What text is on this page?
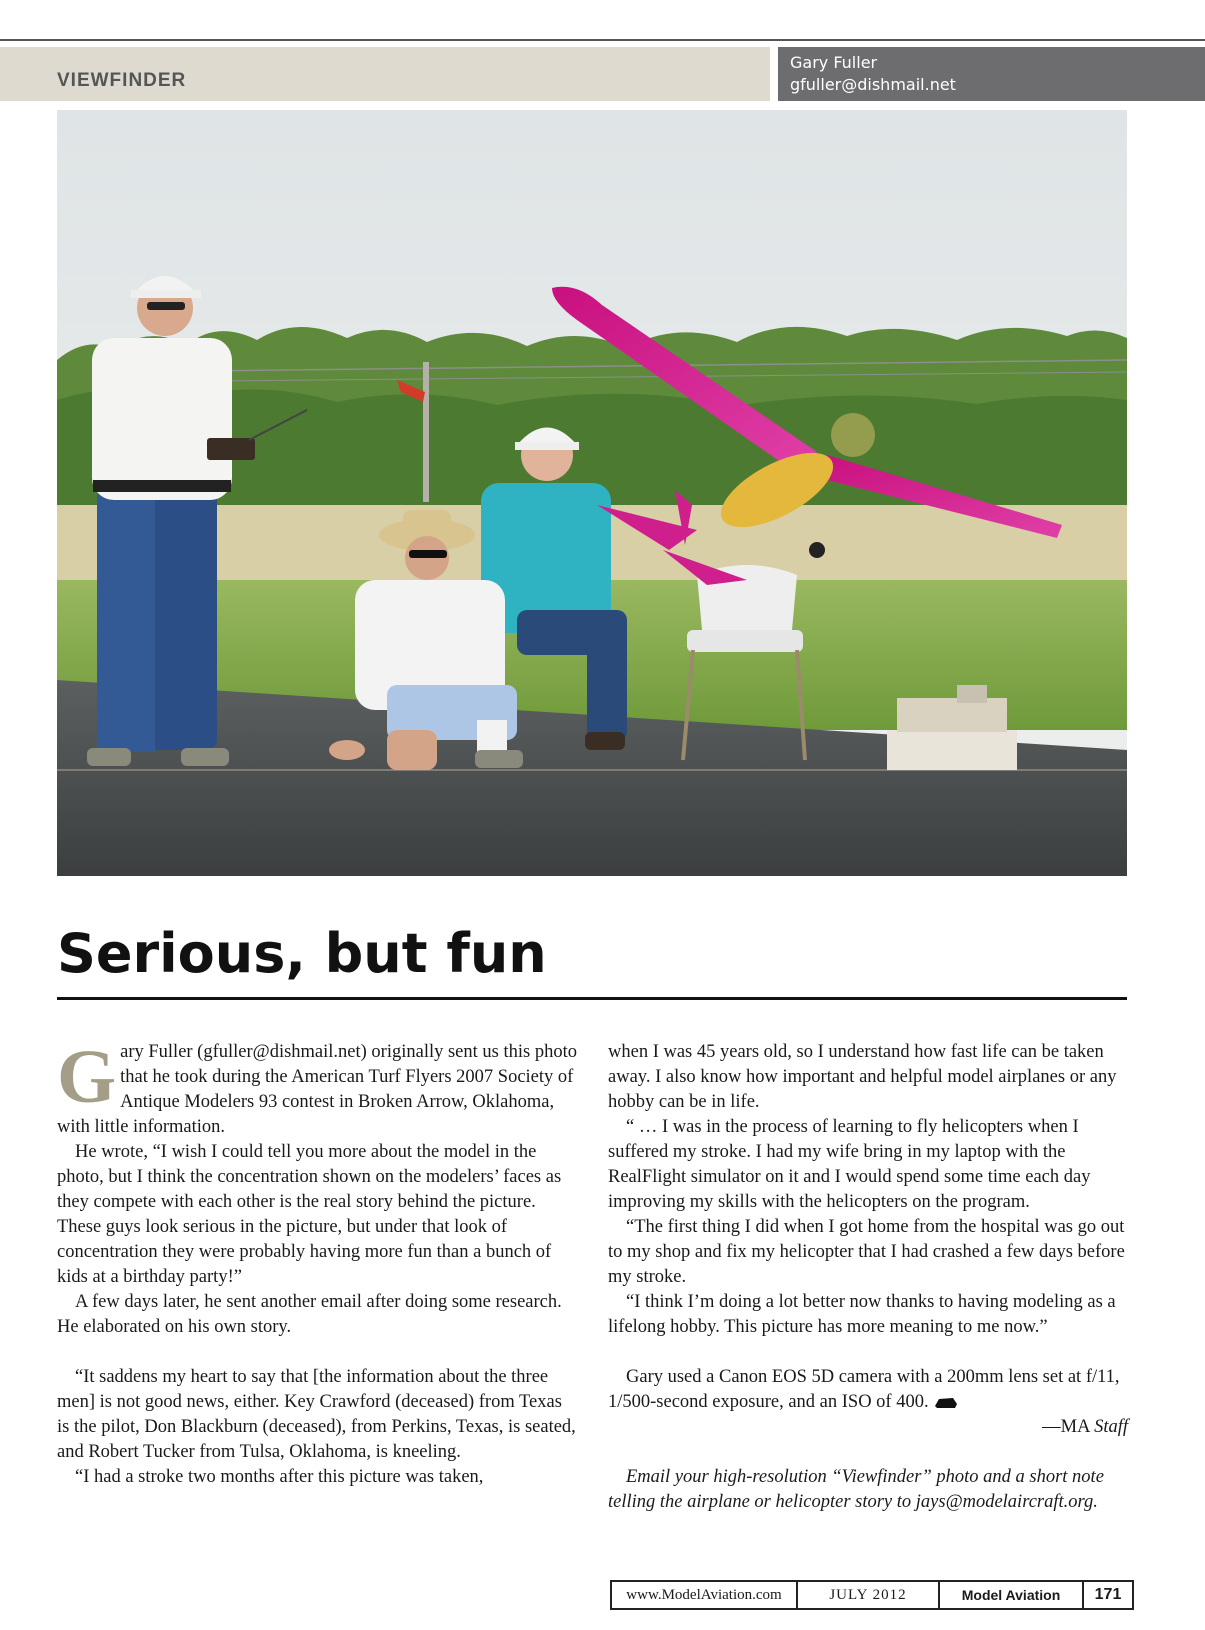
VIEWFINDER
Gary Fuller
gfuller@dishmail.net
Serious, but fun

Gary Fuller (gfuller@dishmail.net) originally sent us this photo that he took during the American Turf Flyers 2007 Society of Antique Modelers 93 contest in Broken Arrow, Oklahoma, with little information.

He wrote, “I wish I could tell you more about the model in the photo, but I think the concentration shown on the modelers’ faces as they compete with each other is the real story behind the picture. These guys look serious in the picture, but under that look of concentration they were probably having more fun than a bunch of kids at a birthday party!”

A few days later, he sent another email after doing some research. He elaborated on his own story.

“It saddens my heart to say that [the information about the three men] is not good news, either. Key Crawford (deceased) from Texas is the pilot, Don Blackburn (deceased), from Perkins, Texas, is seated, and Robert Tucker from Tulsa, Oklahoma, is kneeling.

“I had a stroke two months after this picture was taken,

when I was 45 years old, so I understand how fast life can be taken away. I also know how important and helpful model airplanes or any hobby can be in life.

“ … I was in the process of learning to fly helicopters when I suffered my stroke. I had my wife bring in my laptop with the RealFlight simulator on it and I would spend some time each day improving my skills with the helicopters on the program.

“The first thing I did when I got home from the hospital was go out to my shop and fix my helicopter that I had crashed a few days before my stroke.

“I think I’m doing a lot better now thanks to having modeling as a lifelong hobby. This picture has more meaning to me now.”

Gary used a Canon EOS 5D camera with a 200mm lens set at f/11, 1/500-second exposure, and an ISO of 400.

—MA Staff

Email your high-resolution “Viewfinder” photo and a short note telling the airplane or helicopter story to jays@modelaircraft.org.

www.ModelAviation.com	JULY 2012	Model Aviation	171
